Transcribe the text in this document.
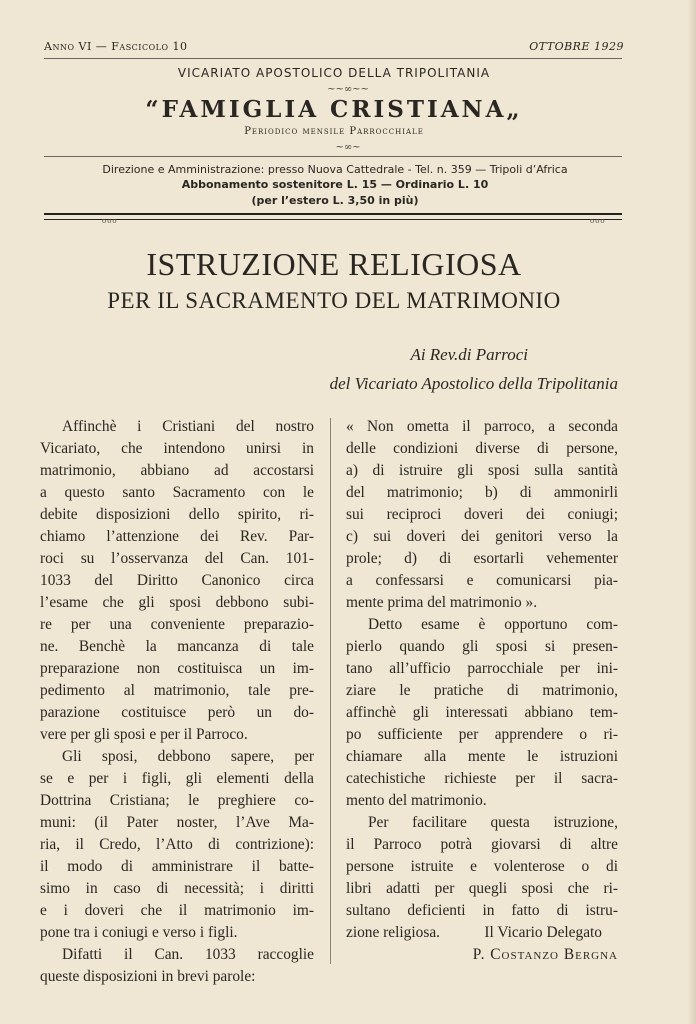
Anno VI — Fascicolo 10	OTTOBRE 1929
VICARIATO APOSTOLICO DELLA TRIPOLITANIA
~~∞~~
“FAMIGLIA CRISTIANA„
Periodico mensile Parrocchiale
~∞~
Direzione e Amministrazione: presso Nuova Cattedrale - Tel. n. 359 — Tripoli d’Africa
Abbonamento sostenitore L. 15 — Ordinario L. 10
(per l’estero L. 3,50 in più)
ooo	ooo
ISTRUZIONE RELIGIOSA
PER IL SACRAMENTO DEL MATRIMONIO
Ai Rev.di Parroci
del Vicariato Apostolico della Tripolitania
Affinchè i Cristiani del nostro
Vicariato, che intendono unirsi in
matrimonio, abbiano ad accostarsi
a questo santo Sacramento con le
debite disposizioni dello spirito, ri-
chiamo l’attenzione dei Rev. Par-
roci su l’osservanza del Can. 101-
1033 del Diritto Canonico circa
l’esame che gli sposi debbono subi-
re per una conveniente preparazio-
ne. Benchè la mancanza di tale
preparazione non costituisca un im-
pedimento al matrimonio, tale pre-
parazione costituisce però un do-
vere per gli sposi e per il Parroco.
Gli sposi, debbono sapere, per
se e per i figli, gli elementi della
Dottrina Cristiana; le preghiere co-
muni: (il Pater noster, l’Ave Ma-
ria, il Credo, l’Atto di contrizione):
il modo di amministrare il batte-
simo in caso di necessità; i diritti
e i doveri che il matrimonio im-
pone tra i coniugi e verso i figli.
Difatti il Can. 1033 raccoglie
queste disposizioni in brevi parole:
« Non ometta il parroco, a seconda
delle condizioni diverse di persone,
a) di istruire gli sposi sulla santità
del matrimonio; b) di ammonirli
sui reciproci doveri dei coniugi;
c) sui doveri dei genitori verso la
prole; d) di esortarli vehementer
a confessarsi e comunicarsi pia-
mente prima del matrimonio ».
Detto esame è opportuno com-
pierlo quando gli sposi si presen-
tano all’ufficio parrocchiale per ini-
ziare le pratiche di matrimonio,
affinchè gli interessati abbiano tem-
po sufficiente per apprendere o ri-
chiamare alla mente le istruzioni
catechistiche richieste per il sacra-
mento del matrimonio.
Per facilitare questa istruzione,
il Parroco potrà giovarsi di altre
persone istruite e volenterose o di
libri adatti per quegli sposi che ri-
sultano deficienti in fatto di istru-
zione religiosa.	Il Vicario Delegato
P. Costanzo Bergna
